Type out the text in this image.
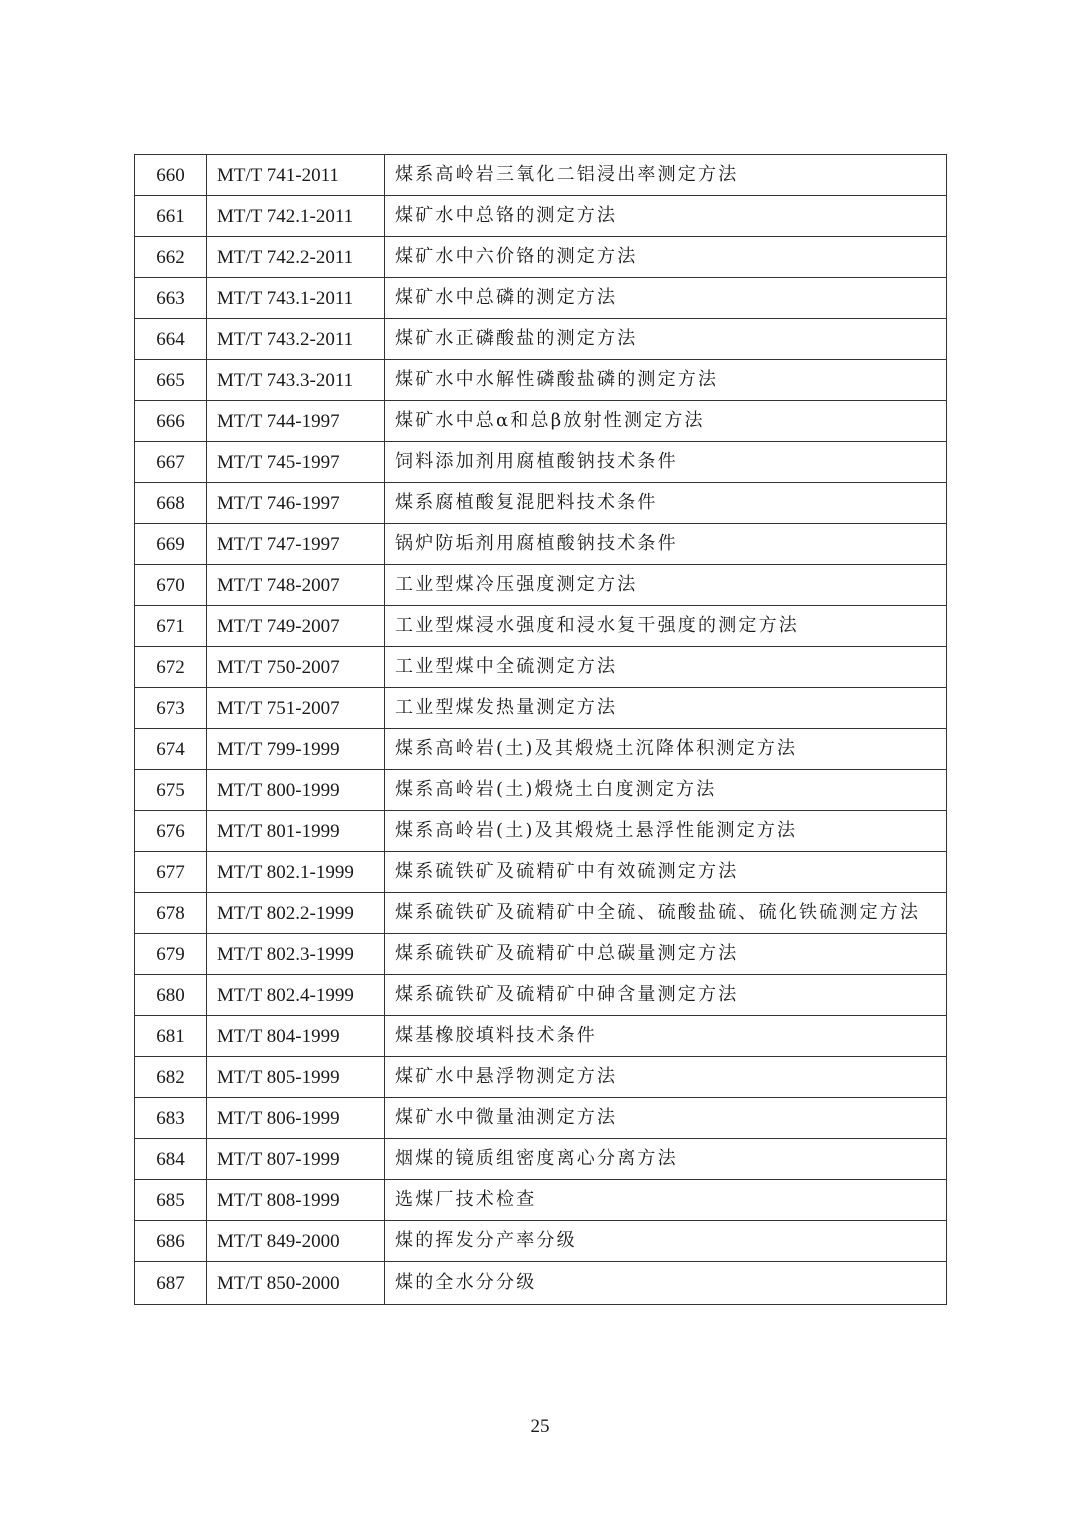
660	MT/T 741-2011	煤系高岭岩三氧化二铝浸出率测定方法
661	MT/T 742.1-2011	煤矿水中总铬的测定方法
662	MT/T 742.2-2011	煤矿水中六价铬的测定方法
663	MT/T 743.1-2011	煤矿水中总磷的测定方法
664	MT/T 743.2-2011	煤矿水正磷酸盐的测定方法
665	MT/T 743.3-2011	煤矿水中水解性磷酸盐磷的测定方法
666	MT/T 744-1997	煤矿水中总α和总β放射性测定方法
667	MT/T 745-1997	饲料添加剂用腐植酸钠技术条件
668	MT/T 746-1997	煤系腐植酸复混肥料技术条件
669	MT/T 747-1997	锅炉防垢剂用腐植酸钠技术条件
670	MT/T 748-2007	工业型煤冷压强度测定方法
671	MT/T 749-2007	工业型煤浸水强度和浸水复干强度的测定方法
672	MT/T 750-2007	工业型煤中全硫测定方法
673	MT/T 751-2007	工业型煤发热量测定方法
674	MT/T 799-1999	煤系高岭岩(土)及其煅烧土沉降体积测定方法
675	MT/T 800-1999	煤系高岭岩(土)煅烧土白度测定方法
676	MT/T 801-1999	煤系高岭岩(土)及其煅烧土悬浮性能测定方法
677	MT/T 802.1-1999	煤系硫铁矿及硫精矿中有效硫测定方法
678	MT/T 802.2-1999	煤系硫铁矿及硫精矿中全硫、硫酸盐硫、硫化铁硫测定方法
679	MT/T 802.3-1999	煤系硫铁矿及硫精矿中总碳量测定方法
680	MT/T 802.4-1999	煤系硫铁矿及硫精矿中砷含量测定方法
681	MT/T 804-1999	煤基橡胶填料技术条件
682	MT/T 805-1999	煤矿水中悬浮物测定方法
683	MT/T 806-1999	煤矿水中微量油测定方法
684	MT/T 807-1999	烟煤的镜质组密度离心分离方法
685	MT/T 808-1999	选煤厂技术检查
686	MT/T 849-2000	煤的挥发分产率分级
687	MT/T 850-2000	煤的全水分分级
25
